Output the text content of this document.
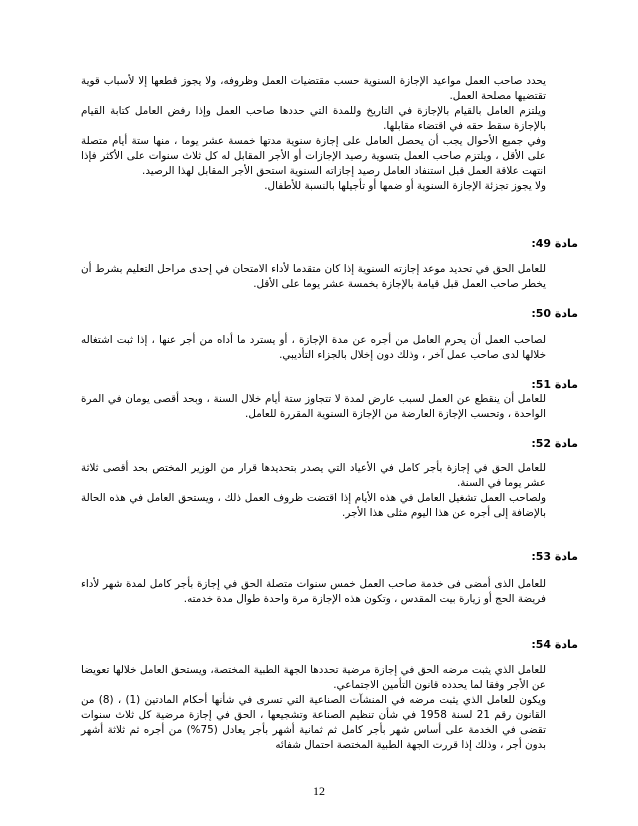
يحدد صاحب العمل مواعيد الإجازة السنوية حسب مقتضيات العمل وظروفه، ولا يجوز قطعها إلا لأسباب قوية تقتضيها مصلحة العمل.

ويلتزم العامل بالقيام بالإجازة في التاريخ وللمدة التي حددها صاحب العمل وإذا رفض العامل كتابة القيام بالإجازة سقط حقه في اقتضاء مقابلها.

وفي جميع الأحوال يجب أن يحصل العامل على إجازة سنوية مدتها خمسة عشر يوما ، منها ستة أيام متصلة على الأقل ، ويلتزم صاحب العمل بتسوية رصيد الإجازات أو الأجر المقابل له كل ثلاث سنوات على الأكثر فإذا انتهت علاقة العمل قبل استنفاد العامل رصيد إجازاته السنوية استحق الأجر المقابل لهذا الرصيد.

ولا يجوز تجزئة الإجازة السنوية أو ضمها أو تأجيلها بالنسبة للأطفال.

مادة 49:

للعامل الحق في تحديد موعد إجازته السنوية إذا كان متقدما لأداء الامتحان في إحدى مراحل التعليم بشرط أن يخطر صاحب العمل قبل قيامة بالإجازة بخمسة عشر يوما على الأقل.

مادة 50:

لصاحب العمل أن يحرم العامل من أجره عن مدة الإجازة ، أو يسترد ما أداه من أجر عنها ، إذا ثبت اشتغاله خلالها لدى صاحب عمل آخر ، وذلك دون إخلال بالجزاء التأديبي.

مادة 51:

للعامل أن ينقطع عن العمل لسبب عارض لمدة لا تتجاوز ستة أيام خلال السنة ، وبحد أقصى يومان في المرة الواحدة ، وتحسب الإجازة العارضة من الإجازة السنوية المقررة للعامل.

مادة 52:

للعامل الحق في إجازة بأجر كامل في الأعياد التي يصدر بتحديدها قرار من الوزير المختص بحد أقصى ثلاثة عشر يوما في السنة.

ولصاحب العمل تشغيل العامل في هذه الأيام إذا اقتضت ظروف العمل ذلك ، ويستحق العامل في هذه الحالة بالإضافة إلى أجره عن هذا اليوم مثلى هذا الأجر.

مادة 53:

للعامل الذى أمضى فى خدمة صاحب العمل خمس سنوات متصلة الحق في إجازة بأجر كامل لمدة شهر لأداء فريضة الحج أو زيارة بيت المقدس ، وتكون هذه الإجازة مرة واحدة طوال مدة خدمته.

مادة 54:

للعامل الذي يثبت مرضه الحق في إجازة مرضية تحددها الجهة الطبية المختصة، ويستحق العامل خلالها تعويضا عن الأجر وفقا لما يحدده قانون التأمين الاجتماعي.

ويكون للعامل الذي يثبت مرضه في المنشآت الصناعية التي تسرى في شأنها أحكام المادتين (1) ، (8) من القانون رقم 21 لسنة 1958 في شأن تنظيم الصناعة وتشجيعها ، الحق في إجازة مرضية كل ثلاث سنوات تقضى في الخدمة على أساس شهر بأجر كامل ثم ثمانية أشهر بأجر يعادل (75%) من أجره ثم ثلاثة أشهر بدون أجر ، وذلك إذا قررت الجهة الطبية المختصة احتمال شفائه

12
